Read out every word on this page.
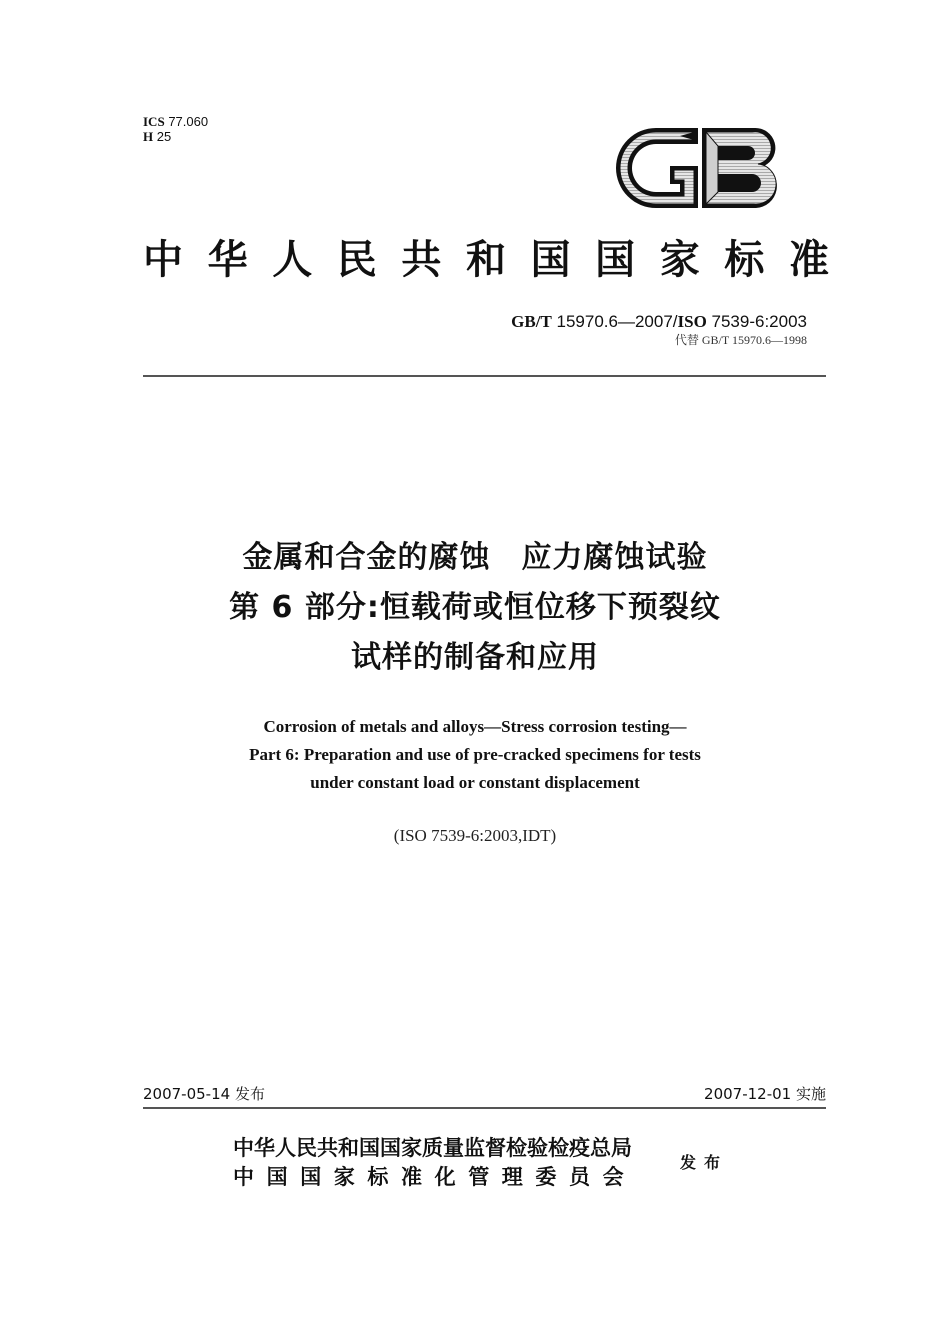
ICS 77.060
H 25
中 华 人 民 共 和 国 国 家 标 准
GB/T 15970.6—2007/ISO 7539-6:2003
代替 GB/T 15970.6—1998
金属和合金的腐蚀　应力腐蚀试验
第 6 部分:恒载荷或恒位移下预裂纹
试样的制备和应用
Corrosion of metals and alloys—Stress corrosion testing—
Part 6: Preparation and use of pre-cracked specimens for tests
under constant load or constant displacement
(ISO 7539-6:2003,IDT)
2007-05-14 发布	2007-12-01 实施
中华人民共和国国家质量监督检验检疫总局
中国国家标准化管理委员会
发布
